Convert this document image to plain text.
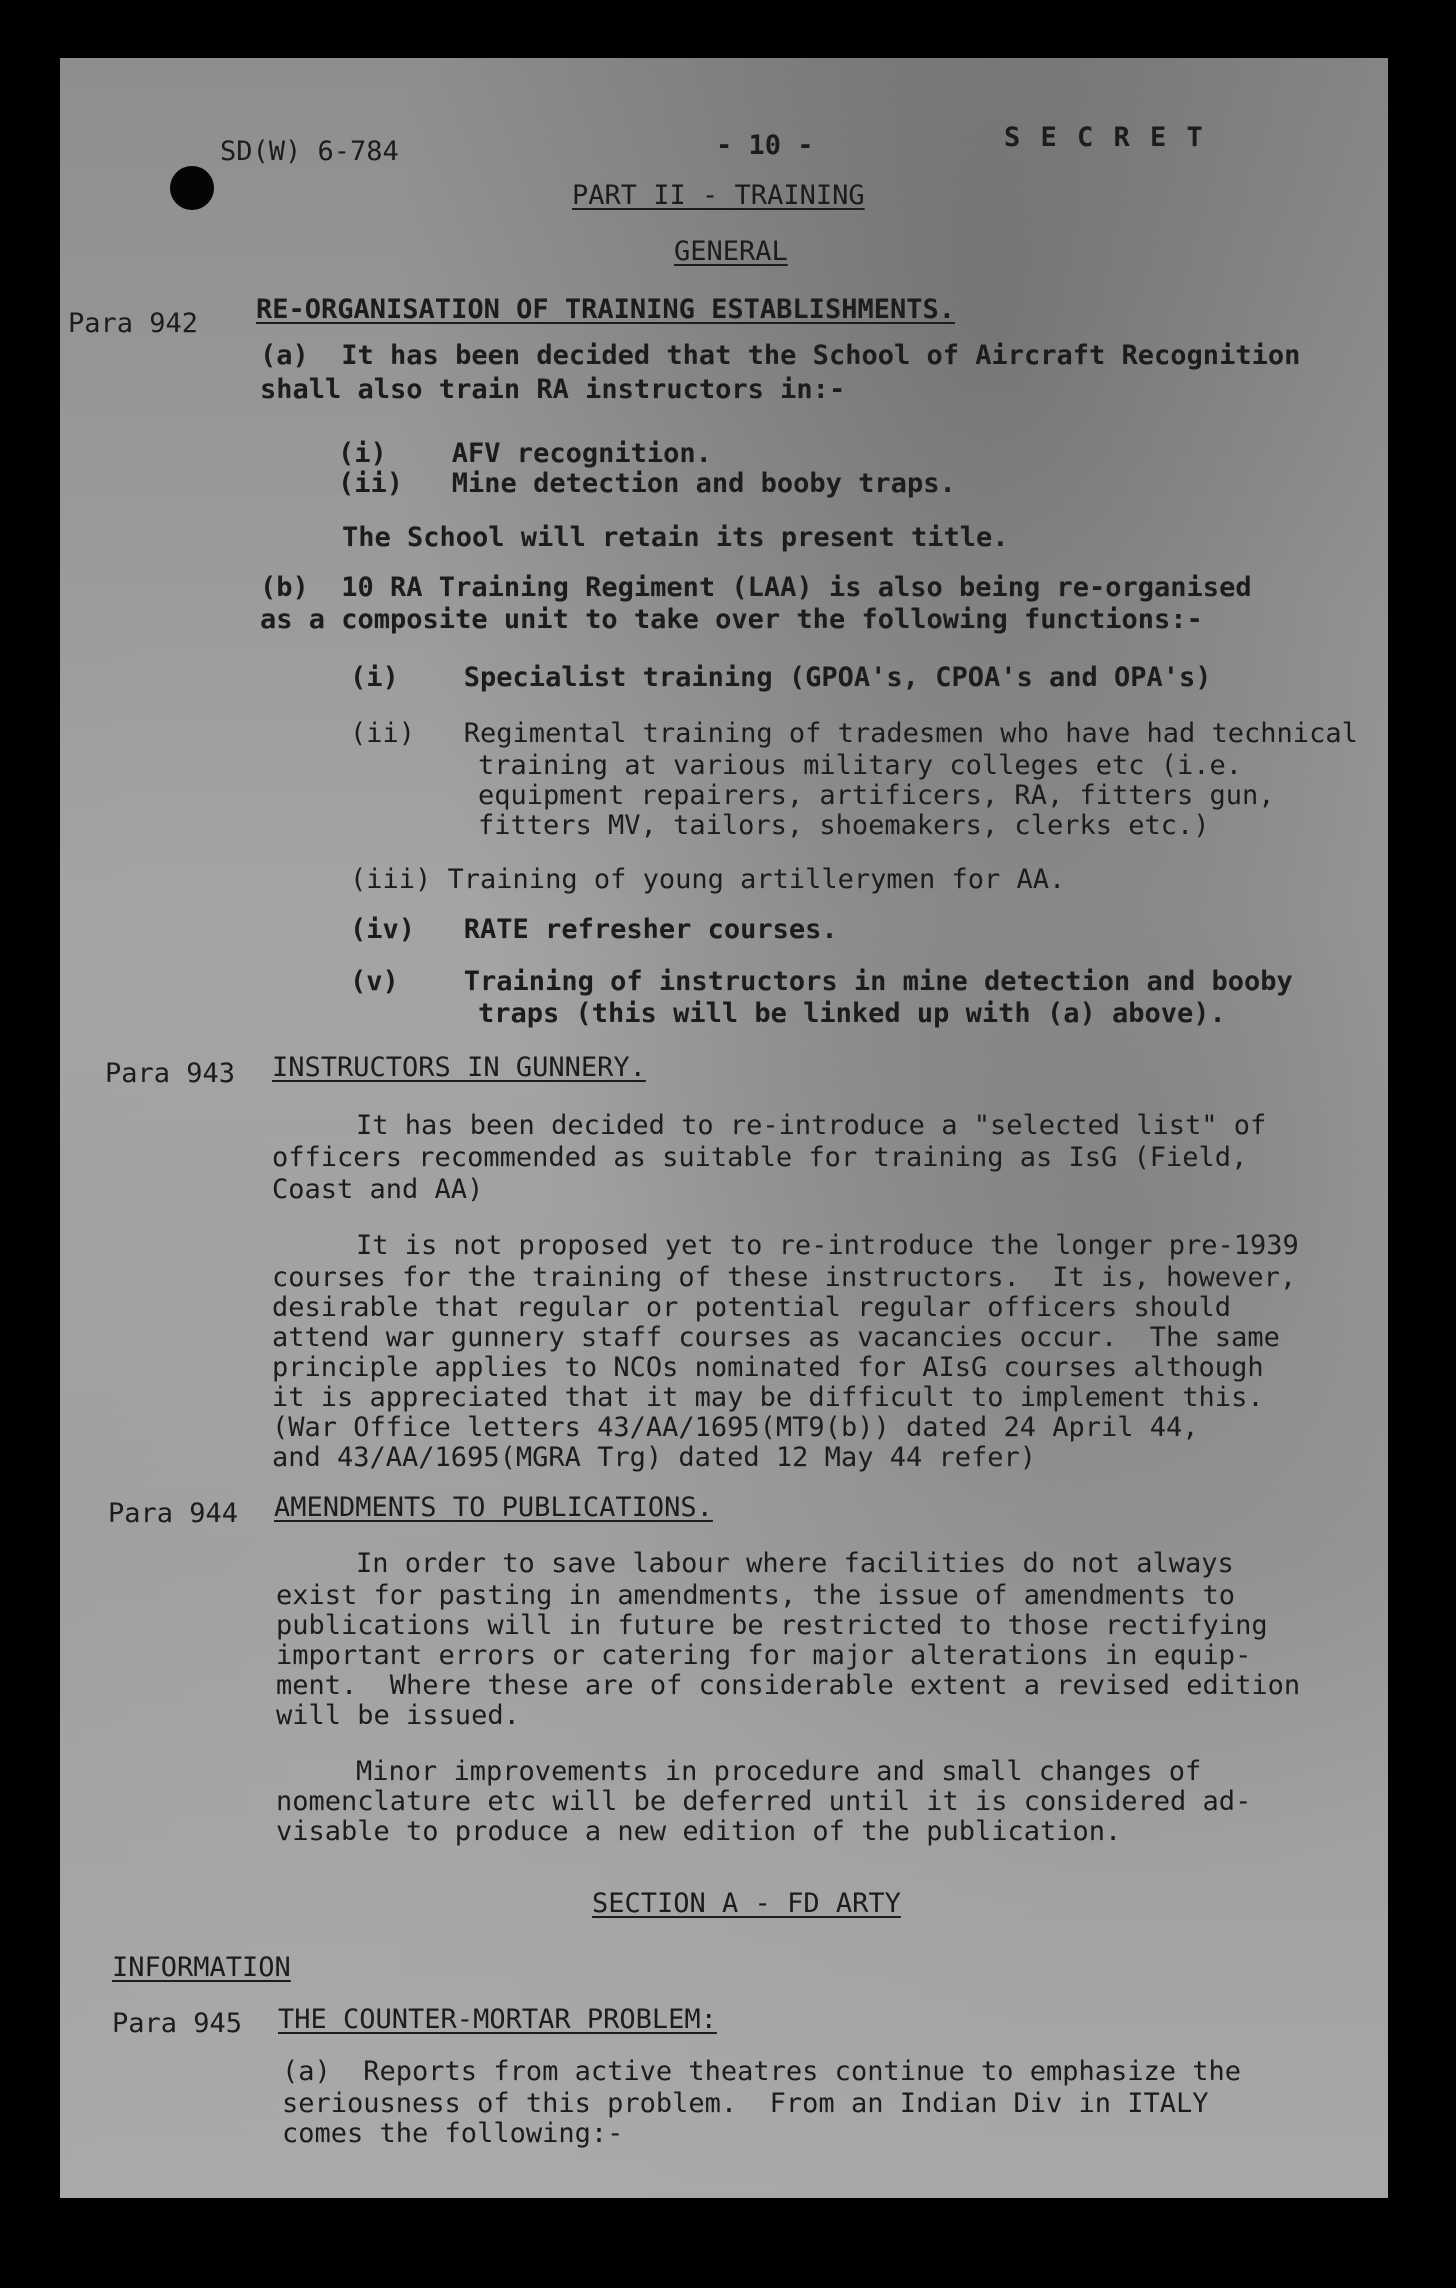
SD(W) 6-784	- 10 -	S E C R E T
PART II - TRAINING
GENERAL
Para 942 RE-ORGANISATION OF TRAINING ESTABLISHMENTS.
(a)  It has been decided that the School of Aircraft Recognition
shall also train RA instructors in:-
(i)    AFV recognition.
(ii)   Mine detection and booby traps.
The School will retain its present title.
(b)  10 RA Training Regiment (LAA) is also being re-organised
as a composite unit to take over the following functions:-
(i)    Specialist training (GPOA's, CPOA's and OPA's)
(ii)   Regimental training of tradesmen who have had technical
training at various military colleges etc (i.e.
equipment repairers, artificers, RA, fitters gun,
fitters MV, tailors, shoemakers, clerks etc.)
(iii) Training of young artillerymen for AA.
(iv)   RATE refresher courses.
(v)    Training of instructors in mine detection and booby
traps (this will be linked up with (a) above).
Para 943 INSTRUCTORS IN GUNNERY.
It has been decided to re-introduce a "selected list" of
officers recommended as suitable for training as IsG (Field,
Coast and AA)
It is not proposed yet to re-introduce the longer pre-1939
courses for the training of these instructors.  It is, however,
desirable that regular or potential regular officers should
attend war gunnery staff courses as vacancies occur.  The same
principle applies to NCOs nominated for AIsG courses although
it is appreciated that it may be difficult to implement this.
(War Office letters 43/AA/1695(MT9(b)) dated 24 April 44,
and 43/AA/1695(MGRA Trg) dated 12 May 44 refer)
Para 944 AMENDMENTS TO PUBLICATIONS.
In order to save labour where facilities do not always
exist for pasting in amendments, the issue of amendments to
publications will in future be restricted to those rectifying
important errors or catering for major alterations in equip-
ment.  Where these are of considerable extent a revised edition
will be issued.
Minor improvements in procedure and small changes of
nomenclature etc will be deferred until it is considered ad-
visable to produce a new edition of the publication.
SECTION A - FD ARTY
INFORMATION
Para 945 THE COUNTER-MORTAR PROBLEM:
(a)  Reports from active theatres continue to emphasize the
seriousness of this problem.  From an Indian Div in ITALY
comes the following:-
